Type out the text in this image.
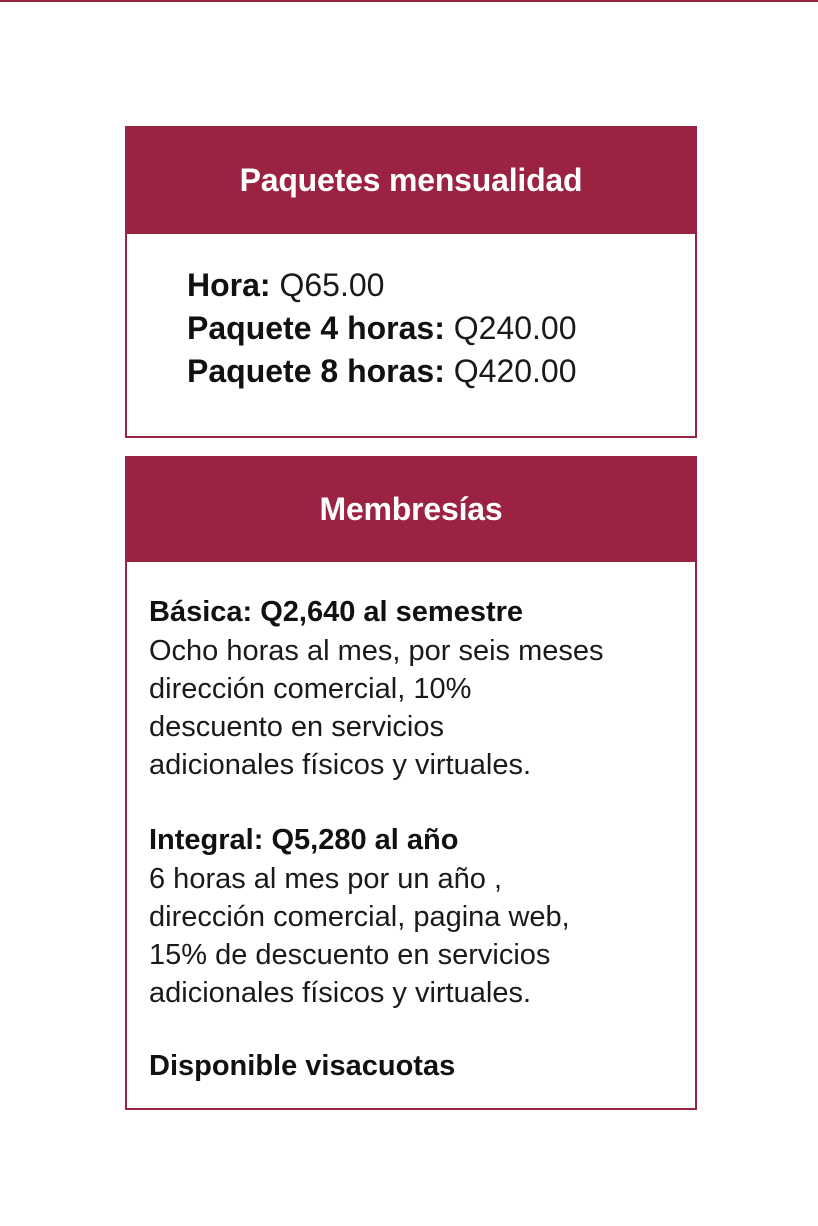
Paquetes mensualidad
Hora: Q65.00
Paquete 4 horas: Q240.00
Paquete 8 horas: Q420.00
Membresías
Básica: Q2,640 al semestre
Ocho horas al mes, por seis meses
dirección comercial, 10%
descuento en servicios
adicionales físicos y virtuales.
Integral: Q5,280 al año
6 horas al mes por un año ,
dirección comercial, pagina web,
15% de descuento en servicios
adicionales físicos y virtuales.
Disponible visacuotas
